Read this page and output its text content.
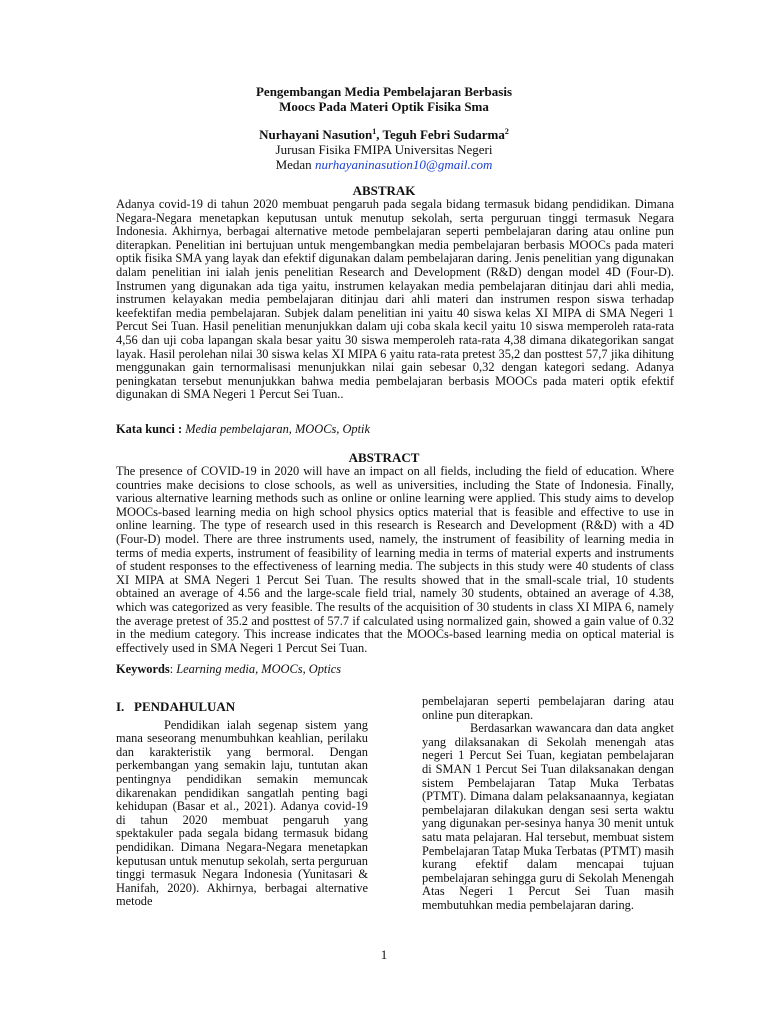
Pengembangan Media Pembelajaran Berbasis
Moocs Pada Materi Optik Fisika Sma
Nurhayani Nasution$^1$, Teguh Febri Sudarma$^2$
Jurusan Fisika FMIPA Universitas Negeri
Medan nurhayaninasution10@gmail.com
ABSTRAK
Adanya covid-19 di tahun 2020 membuat pengaruh pada segala bidang termasuk bidang pendidikan. Dimana Negara-Negara menetapkan keputusan untuk menutup sekolah, serta perguruan tinggi termasuk Negara Indonesia. Akhirnya, berbagai alternative metode pembelajaran seperti pembelajaran daring atau online pun diterapkan. Penelitian ini bertujuan untuk mengembangkan media pembelajaran berbasis MOOCs pada materi optik fisika SMA yang layak dan efektif digunakan dalam pembelajaran daring. Jenis penelitian yang digunakan dalam penelitian ini ialah jenis penelitian Research and Development (R&D) dengan model 4D (Four-D). Instrumen yang digunakan ada tiga yaitu, instrumen kelayakan media pembelajaran ditinjau dari ahli media, instrumen kelayakan media pembelajaran ditinjau dari ahli materi dan instrumen respon siswa terhadap keefektifan media pembelajaran. Subjek dalam penelitian ini yaitu 40 siswa kelas XI MIPA di SMA Negeri 1 Percut Sei Tuan. Hasil penelitian menunjukkan dalam uji coba skala kecil yaitu 10 siswa memperoleh rata-rata 4,56 dan uji coba lapangan skala besar yaitu 30 siswa memperoleh rata-rata 4,38 dimana dikategorikan sangat layak. Hasil perolehan nilai 30 siswa kelas XI MIPA 6 yaitu rata-rata pretest 35,2 dan posttest 57,7 jika dihitung menggunakan gain ternormalisasi menunjukkan nilai gain sebesar 0,32 dengan kategori sedang. Adanya peningkatan tersebut menunjukkan bahwa media pembelajaran berbasis MOOCs pada materi optik efektif digunakan di SMA Negeri 1 Percut Sei Tuan..
Kata kunci : Media pembelajaran, MOOCs, Optik
ABSTRACT
The presence of COVID-19 in 2020 will have an impact on all fields, including the field of education. Where countries make decisions to close schools, as well as universities, including the State of Indonesia. Finally, various alternative learning methods such as online or online learning were applied. This study aims to develop MOOCs-based learning media on high school physics optics material that is feasible and effective to use in online learning. The type of research used in this research is Research and Development (R&D) with a 4D (Four-D) model. There are three instruments used, namely, the instrument of feasibility of learning media in terms of media experts, instrument of feasibility of learning media in terms of material experts and instruments of student responses to the effectiveness of learning media. The subjects in this study were 40 students of class XI MIPA at SMA Negeri 1 Percut Sei Tuan. The results showed that in the small-scale trial, 10 students obtained an average of 4.56 and the large-scale field trial, namely 30 students, obtained an average of 4.38, which was categorized as very feasible. The results of the acquisition of 30 students in class XI MIPA 6, namely the average pretest of 35.2 and posttest of 57.7 if calculated using normalized gain, showed a gain value of 0.32 in the medium category. This increase indicates that the MOOCs-based learning media on optical material is effectively used in SMA Negeri 1 Percut Sei Tuan.
Keywords: Learning media, MOOCs, Optics

I.   PENDAHULUAN

Pendidikan ialah segenap sistem yang mana seseorang menumbuhkan keahlian, perilaku dan karakteristik yang bermoral. Dengan perkembangan yang semakin laju, tuntutan akan pentingnya pendidikan semakin memuncak dikarenakan pendidikan sangatlah penting bagi kehidupan (Basar et al., 2021). Adanya covid-19 di tahun 2020 membuat pengaruh yang spektakuler pada segala bidang termasuk bidang pendidikan. Dimana Negara-Negara menetapkan keputusan untuk menutup sekolah, serta perguruan tinggi termasuk Negara Indonesia (Yunitasari & Hanifah, 2020). Akhirnya, berbagai alternative metode

pembelajaran seperti pembelajaran daring atau online pun diterapkan.

Berdasarkan wawancara dan data angket yang dilaksanakan di Sekolah menengah atas negeri 1 Percut Sei Tuan, kegiatan pembelajaran di SMAN 1 Percut Sei Tuan dilaksanakan dengan sistem Pembelajaran Tatap Muka Terbatas (PTMT). Dimana dalam pelaksanaannya, kegiatan pembelajaran dilakukan dengan sesi serta waktu yang digunakan per-sesinya hanya 30 menit untuk satu mata pelajaran. Hal tersebut, membuat sistem Pembelajaran Tatap Muka Terbatas (PTMT) masih kurang efektif dalam mencapai tujuan pembelajaran sehingga guru di Sekolah Menengah Atas Negeri 1 Percut Sei Tuan masih membutuhkan media pembelajaran daring.

1
